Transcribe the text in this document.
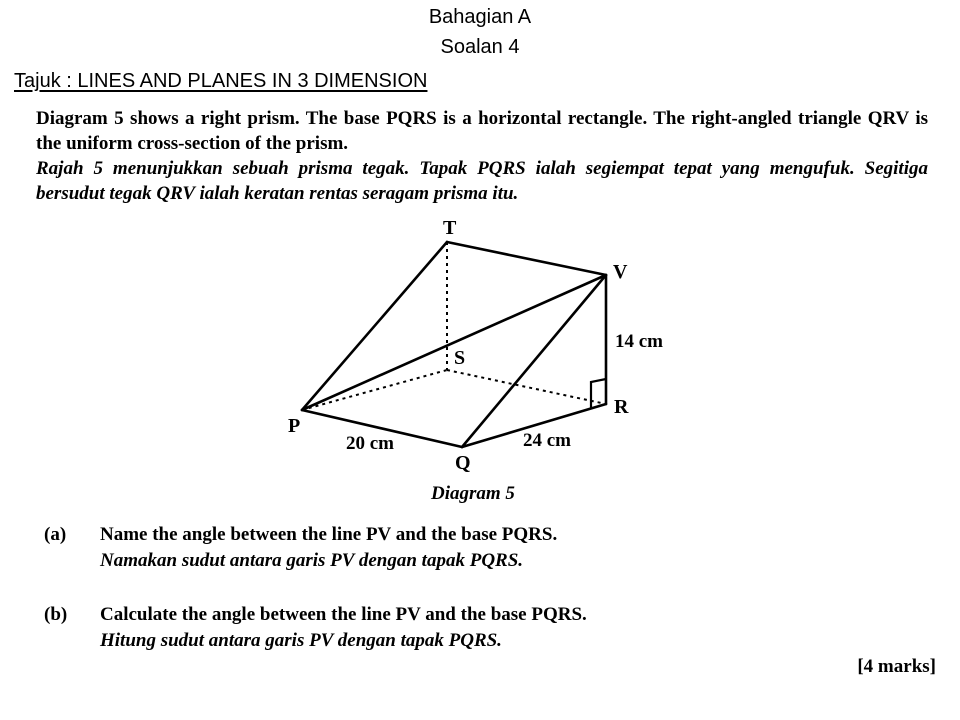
Bahagian A
Soalan 4
Tajuk : LINES AND PLANES IN 3 DIMENSION

Diagram 5 shows a right prism. The base PQRS is a horizontal rectangle. The right-angled triangle QRV is the uniform cross-section of the prism.

Rajah 5 menunjukkan sebuah prisma tegak. Tapak PQRS ialah segiempat tepat yang mengufuk. Segitiga bersudut tegak QRV ialah keratan rentas seragam prisma itu.

T
V
S
R
P
Q
14 cm
20 cm	24 cm
Diagram 5
(a) Name the angle between the line PV and the base PQRS.
Namakan sudut antara garis PV dengan tapak PQRS.
(b) Calculate the angle between the line PV and the base PQRS.
Hitung sudut antara garis PV dengan tapak PQRS.
[4 marks]
